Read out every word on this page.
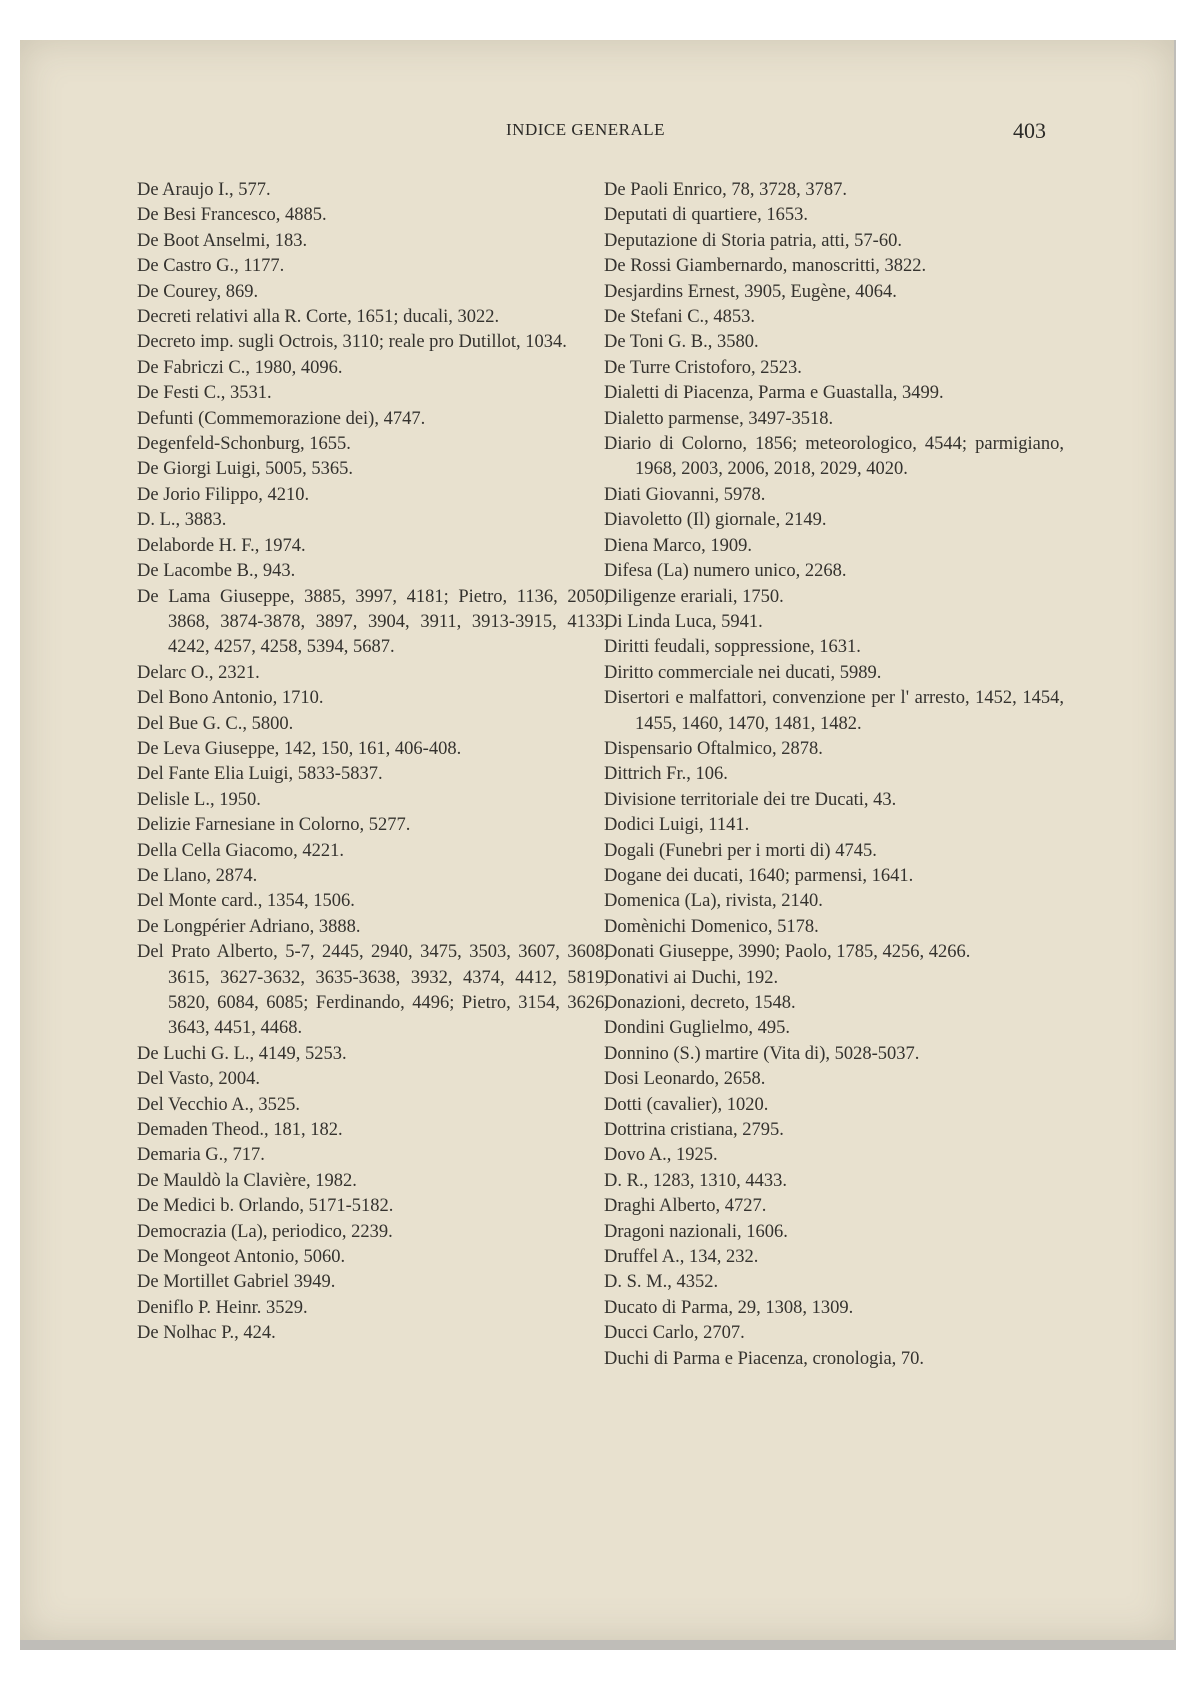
INDICE GENERALE	403

De Araujo I., 577.

De Besi Francesco, 4885.

De Boot Anselmi, 183.

De Castro G., 1177.

De Courey, 869.

Decreti relativi alla R. Corte, 1651; ducali, 3022.

Decreto imp. sugli Octrois, 3110; reale pro Dutillot, 1034.

De Fabriczi C., 1980, 4096.

De Festi C., 3531.

Defunti (Commemorazione dei), 4747.

Degenfeld-Schonburg, 1655.

De Giorgi Luigi, 5005, 5365.

De Jorio Filippo, 4210.

D. L., 3883.

Delaborde H. F., 1974.

De Lacombe B., 943.

De Lama Giuseppe, 3885, 3997, 4181; Pietro, 1136, 2050, 3868, 3874-3878, 3897, 3904, 3911, 3913-3915, 4133, 4242, 4257, 4258, 5394, 5687.

Delarc O., 2321.

Del Bono Antonio, 1710.

Del Bue G. C., 5800.

De Leva Giuseppe, 142, 150, 161, 406-408.

Del Fante Elia Luigi, 5833-5837.

Delisle L., 1950.

Delizie Farnesiane in Colorno, 5277.

Della Cella Giacomo, 4221.

De Llano, 2874.

Del Monte card., 1354, 1506.

De Longpérier Adriano, 3888.

Del Prato Alberto, 5-7, 2445, 2940, 3475, 3503, 3607, 3608, 3615, 3627-3632, 3635-3638, 3932, 4374, 4412, 5819, 5820, 6084, 6085; Ferdinando, 4496; Pietro, 3154, 3626, 3643, 4451, 4468.

De Luchi G. L., 4149, 5253.

Del Vasto, 2004.

Del Vecchio A., 3525.

Demaden Theod., 181, 182.

Demaria G., 717.

De Mauldò la Clavière, 1982.

De Medici b. Orlando, 5171-5182.

Democrazia (La), periodico, 2239.

De Mongeot Antonio, 5060.

De Mortillet Gabriel 3949.

Deniflo P. Heinr. 3529.

De Nolhac P., 424.

De Paoli Enrico, 78, 3728, 3787.

Deputati di quartiere, 1653.

Deputazione di Storia patria, atti, 57-60.

De Rossi Giambernardo, manoscritti, 3822.

Desjardins Ernest, 3905, Eugène, 4064.

De Stefani C., 4853.

De Toni G. B., 3580.

De Turre Cristoforo, 2523.

Dialetti di Piacenza, Parma e Guastalla, 3499.

Dialetto parmense, 3497-3518.

Diario di Colorno, 1856; meteorologico, 4544; parmigiano, 1968, 2003, 2006, 2018, 2029, 4020.

Diati Giovanni, 5978.

Diavoletto (Il) giornale, 2149.

Diena Marco, 1909.

Difesa (La) numero unico, 2268.

Diligenze erariali, 1750.

Di Linda Luca, 5941.

Diritti feudali, soppressione, 1631.

Diritto commerciale nei ducati, 5989.

Disertori e malfattori, convenzione per l' arresto, 1452, 1454, 1455, 1460, 1470, 1481, 1482.

Dispensario Oftalmico, 2878.

Dittrich Fr., 106.

Divisione territoriale dei tre Ducati, 43.

Dodici Luigi, 1141.

Dogali (Funebri per i morti di) 4745.

Dogane dei ducati, 1640; parmensi, 1641.

Domenica (La), rivista, 2140.

Domènichi Domenico, 5178.

Donati Giuseppe, 3990; Paolo, 1785, 4256, 4266.

Donativi ai Duchi, 192.

Donazioni, decreto, 1548.

Dondini Guglielmo, 495.

Donnino (S.) martire (Vita di), 5028-5037.

Dosi Leonardo, 2658.

Dotti (cavalier), 1020.

Dottrina cristiana, 2795.

Dovo A., 1925.

D. R., 1283, 1310, 4433.

Draghi Alberto, 4727.

Dragoni nazionali, 1606.

Druffel A., 134, 232.

D. S. M., 4352.

Ducato di Parma, 29, 1308, 1309.

Ducci Carlo, 2707.

Duchi di Parma e Piacenza, cronologia, 70.
